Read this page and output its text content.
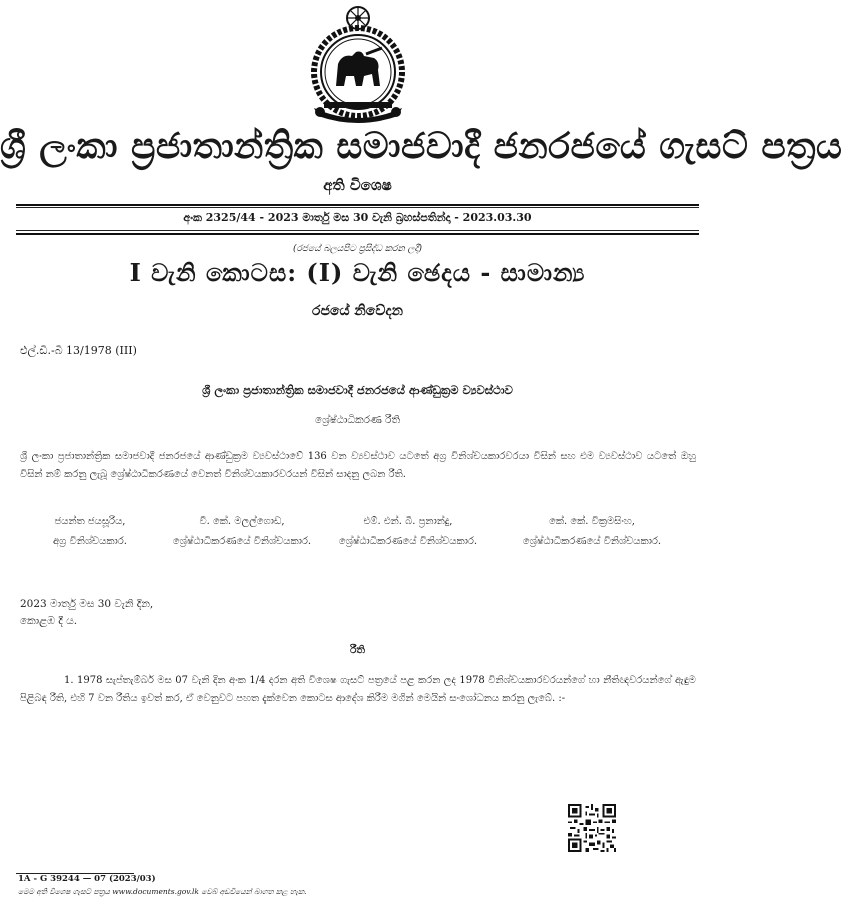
ශ්‍රී ලංකා ප්‍රජාතාන්ත්‍රික සමාජවාදී ජනරජයේ ගැසට් පත්‍රය
අති විශෙෂ
අංක 2325/44 - 2023 මාර්තු මස 30 වැනි බ්‍රහස්පතින්දා - 2023.03.30
(රජයේ බලයපිට ප්‍රසිද්ධ කරන ලදී)
I වැනි කොටස: (I) වැනි ඡෙදය - සාමාන්‍ය
රජයේ නිවේදන
එල්.ඩී.-බී 13/1978 (III)
ශ්‍රී ලංකා ප්‍රජාතාන්ත්‍රික සමාජවාදී ජනරජයේ ආණ්ඩුක්‍රම ව්‍යවස්ථාව
ශ්‍රේෂ්ඨාධිකරණ රීති
ශ්‍රී ලංකා ප්‍රජාතාන්ත්‍රික සමාජවාදී ජනරජයේ ආණ්ඩුක්‍රම ව්‍යවස්ථාවේ 136 වන ව්‍යවස්ථාව යටතේ අග්‍ර විනිශ්චයකාරවරයා විසින් සහ එම ව්‍යවස්ථාව යටතේ ඔහු විසින් නම් කරනු ලැබූ ශ්‍රේෂ්ඨාධිකරණයේ වෙනත් විනිශ්චයකාරවරයන් විසින් සාදනු ලබන රීති.
ජයන්ත ජයසූරිය,
අග්‍ර විනිශ්චයකාර.
වී. කේ. මලල්ගොඩ,
ශ්‍රේෂ්ඨාධිකරණයේ විනිශ්චයකාර.
එම්. එන්. බී. ප්‍රනාන්දු,
ශ්‍රේෂ්ඨාධිකරණයේ විනිශ්චයකාර.
කේ. කේ. වික්‍රමසිංහ,
ශ්‍රේෂ්ඨාධිකරණයේ විනිශ්චයකාර.
2023 මාර්තු මස 30 වැනි දින,
කොළඹ දී ය.
රීති
1. 1978 සැප්තැම්බර් මස 07 වැනි දින අංක 1/4 දරන අති විශෙෂ ගැසට් පත්‍රයේ පළ කරන ලද 1978 විනිශ්චයකාරවරයන්ගේ හා නීතිඥවරයන්ගේ ඇඳුම පිළිබඳ රීති, එහි 7 වන රීතිය ඉවත් කර, ඒ වෙනුවට පහත දැක්වෙන කොටස ආදේශ කිරීම මගින් මෙයින් සංශෝධනය කරනු ලැබේ. :-
1A - G 39244 — 07 (2023/03)
මෙම අති විශෙෂ ගැසට් පත්‍රය www.documents.gov.lk වෙබ් අඩවියෙන් බාගත කළ හැක.
